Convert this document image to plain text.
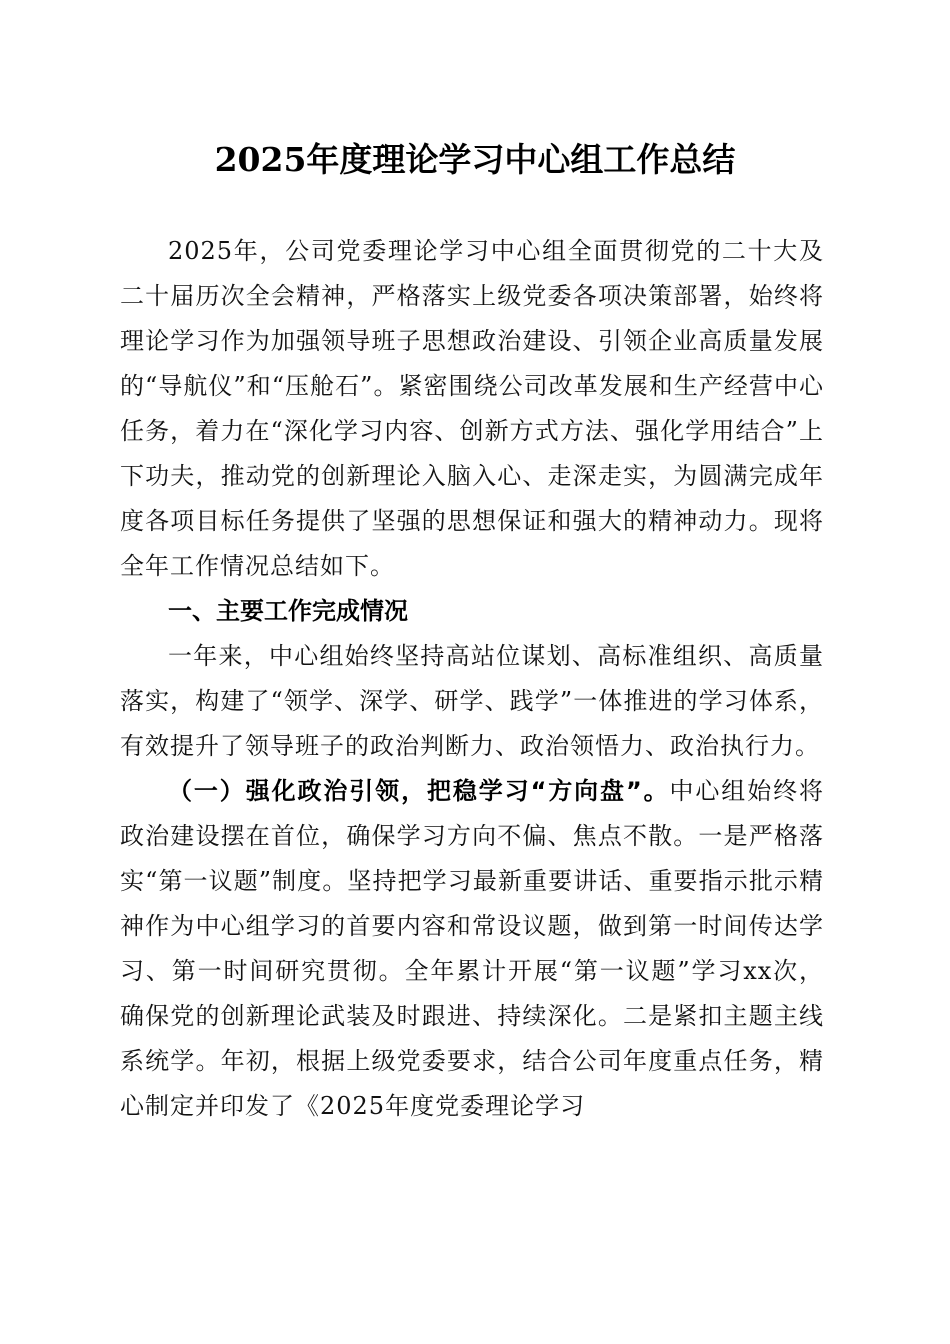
2025年度理论学习中心组工作总结

2025年，公司党委理论学习中心组全面贯彻党的二十大及二十届历次全会精神，严格落实上级党委各项决策部署，始终将理论学习作为加强领导班子思想政治建设、引领企业高质量发展的“导航仪”和“压舱石”。紧密围绕公司改革发展和生产经营中心任务，着力在“深化学习内容、创新方式方法、强化学用结合”上下功夫，推动党的创新理论入脑入心、走深走实，为圆满完成年度各项目标任务提供了坚强的思想保证和强大的精神动力。现将全年工作情况总结如下。

一、主要工作完成情况

一年来，中心组始终坚持高站位谋划、高标准组织、高质量落实，构建了“领学、深学、研学、践学”一体推进的学习体系，有效提升了领导班子的政治判断力、政治领悟力、政治执行力。

（一）强化政治引领，把稳学习“方向盘”。中心组始终将政治建设摆在首位，确保学习方向不偏、焦点不散。一是严格落实“第一议题”制度。坚持把学习最新重要讲话、重要指示批示精神作为中心组学习的首要内容和常设议题，做到第一时间传达学习、第一时间研究贯彻。全年累计开展“第一议题”学习xx次，确保党的创新理论武装及时跟进、持续深化。二是紧扣主题主线系统学。年初，根据上级党委要求，结合公司年度重点任务，精心制定并印发了《2025年度党委理论学习
